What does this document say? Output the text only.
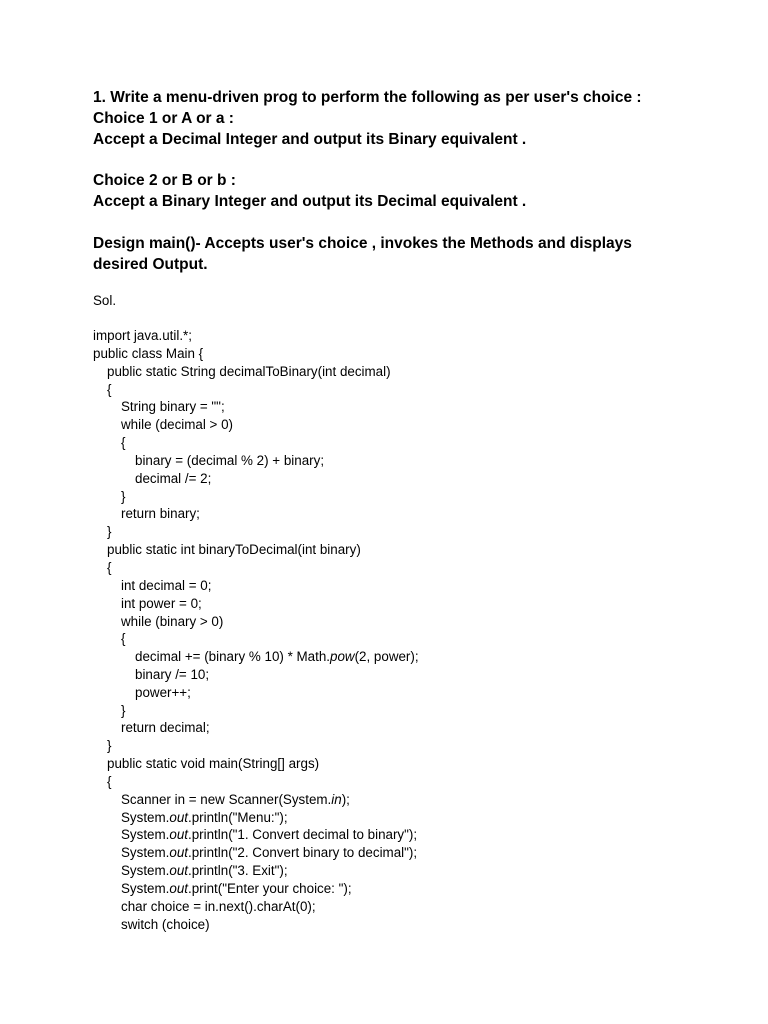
1. Write a menu-driven prog to perform the following as per user's choice :
Choice 1 or A or a :
Accept a Decimal Integer and output its Binary equivalent .
Choice 2 or B or b :
Accept a Binary Integer and output its Decimal equivalent .
Design main()- Accepts user's choice , invokes the Methods and displays
desired Output.
Sol.
import java.util.*;
public class Main {
public static String decimalToBinary(int decimal)
{
String binary = "";
while (decimal > 0)
{
binary = (decimal % 2) + binary;
decimal /= 2;
}
return binary;
}
public static int binaryToDecimal(int binary)
{
int decimal = 0;
int power = 0;
while (binary > 0)
{
decimal += (binary % 10) * Math.pow(2, power);
binary /= 10;
power++;
}
return decimal;
}
public static void main(String[] args)
{
Scanner in = new Scanner(System.in);
System.out.println("Menu:");
System.out.println("1. Convert decimal to binary");
System.out.println("2. Convert binary to decimal");
System.out.println("3. Exit");
System.out.print("Enter your choice: ");
char choice = in.next().charAt(0);
switch (choice)
